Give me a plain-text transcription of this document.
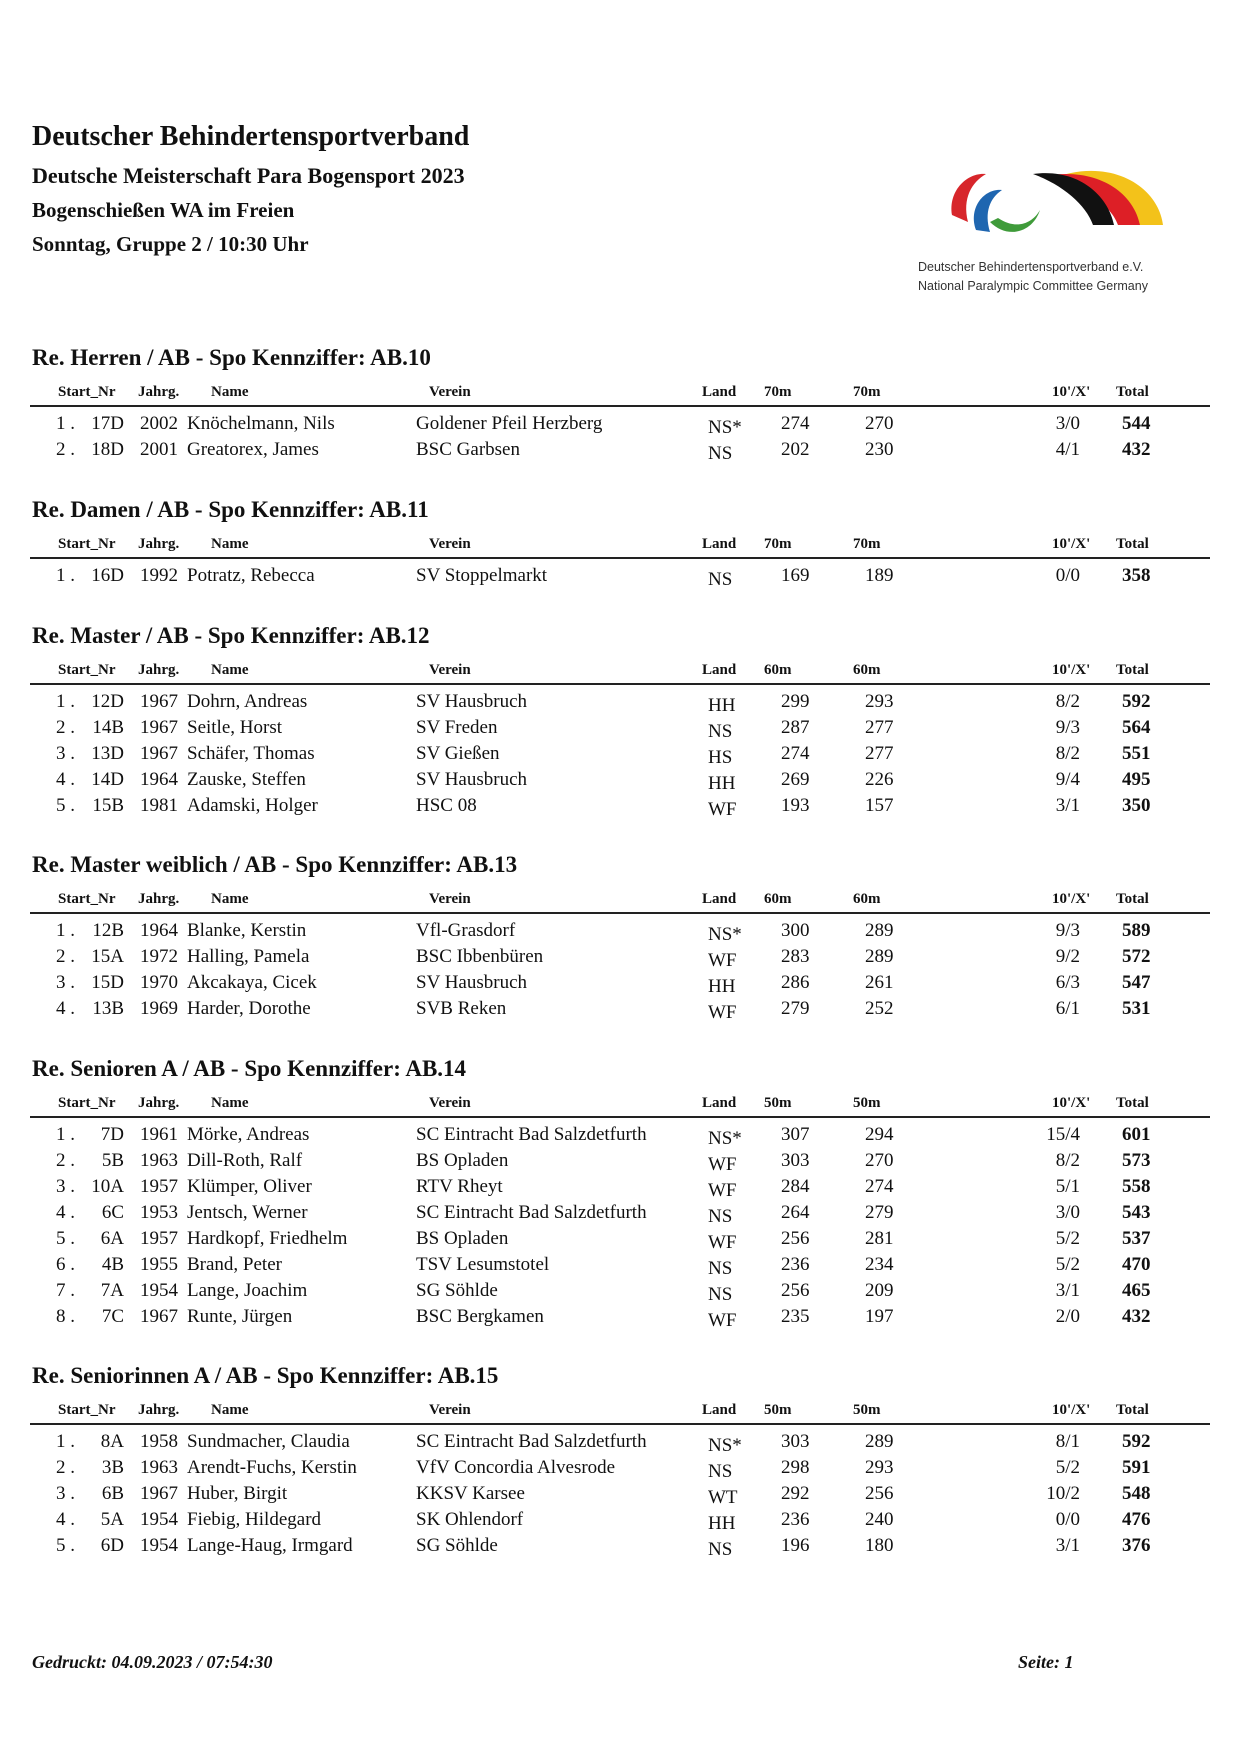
Deutscher Behindertensportverband
Deutsche Meisterschaft Para Bogensport 2023
Bogenschießen WA im Freien
Sonntag, Gruppe 2 / 10:30 Uhr
Deutscher Behindertensportverband e.V.
National Paralympic Committee Germany
Re. Herren / AB - Spo Kennziffer: AB.10
Start_Nr Jahrg. Name	Verein	Land 70m	70m	10'/X' Total
1 . 17D 2002 Knöchelmann, Nils	Goldener Pfeil Herzberg	NS* 274	270	3/0 544
2 . 18D 2001 Greatorex, James	BSC Garbsen	NS	202	230	4/1 432
Re. Damen / AB - Spo Kennziffer: AB.11
Start_Nr Jahrg. Name	Verein	Land 70m	70m	10'/X' Total
1 . 16D 1992 Potratz, Rebecca	SV Stoppelmarkt	NS	169	189	0/0 358
Re. Master / AB - Spo Kennziffer: AB.12
Start_Nr Jahrg. Name	Verein	Land 60m	60m	10'/X' Total
1 . 12D 1967 Dohrn, Andreas	SV Hausbruch	HH 299	293	8/2 592
2 . 14B 1967 Seitle, Horst	SV Freden	NS	287	277	9/3 564
3 . 13D 1967 Schäfer, Thomas	SV Gießen	HS	274	277	8/2 551
4 . 14D 1964 Zauske, Steffen	SV Hausbruch	HH 269	226	9/4 495
5 . 15B 1981 Adamski, Holger	HSC 08	WF 193	157	3/1 350
Re. Master weiblich / AB - Spo Kennziffer: AB.13
Start_Nr Jahrg. Name	Verein	Land 60m	60m	10'/X' Total
1 . 12B 1964 Blanke, Kerstin	Vfl-Grasdorf	NS* 300	289	9/3 589
2 . 15A 1972 Halling, Pamela	BSC Ibbenbüren	WF 283	289	9/2 572
3 . 15D 1970 Akcakaya, Cicek	SV Hausbruch	HH 286	261	6/3 547
4 . 13B 1969 Harder, Dorothe	SVB Reken	WF 279	252	6/1 531
Re. Senioren A / AB - Spo Kennziffer: AB.14
Start_Nr Jahrg. Name	Verein	Land 50m	50m	10'/X' Total
1 .	7D 1961 Mörke, Andreas	SC Eintracht Bad Salzdetfurth	NS* 307	294	15/4 601
2 .	5B 1963 Dill-Roth, Ralf	BS Opladen	WF 303	270	8/2 573
3 . 10A 1957 Klümper, Oliver	RTV Rheyt	WF 284	274	5/1 558
4 .	6C 1953 Jentsch, Werner	SC Eintracht Bad Salzdetfurth	NS	264	279	3/0 543
5 .	6A 1957 Hardkopf, Friedhelm	BS Opladen	WF 256	281	5/2 537
6 .	4B 1955 Brand, Peter	TSV Lesumstotel	NS	236	234	5/2 470
7 .	7A 1954 Lange, Joachim	SG Söhlde	NS	256	209	3/1 465
8 .	7C 1967 Runte, Jürgen	BSC Bergkamen	WF 235	197	2/0 432
Re. Seniorinnen A / AB - Spo Kennziffer: AB.15
Start_Nr Jahrg. Name	Verein	Land 50m	50m	10'/X' Total
1 .	8A 1958 Sundmacher, Claudia	SC Eintracht Bad Salzdetfurth	NS* 303	289	8/1 592
2 .	3B 1963 Arendt-Fuchs, Kerstin	VfV Concordia Alvesrode	NS	298	293	5/2 591
3 .	6B 1967 Huber, Birgit	KKSV Karsee	WT 292	256	10/2 548
4 .	5A 1954 Fiebig, Hildegard	SK Ohlendorf	HH 236	240	0/0 476
5 .	6D 1954 Lange-Haug, Irmgard	SG Söhlde	NS	196	180	3/1 376
Gedruckt: 04.09.2023 / 07:54:30	Seite: 1
